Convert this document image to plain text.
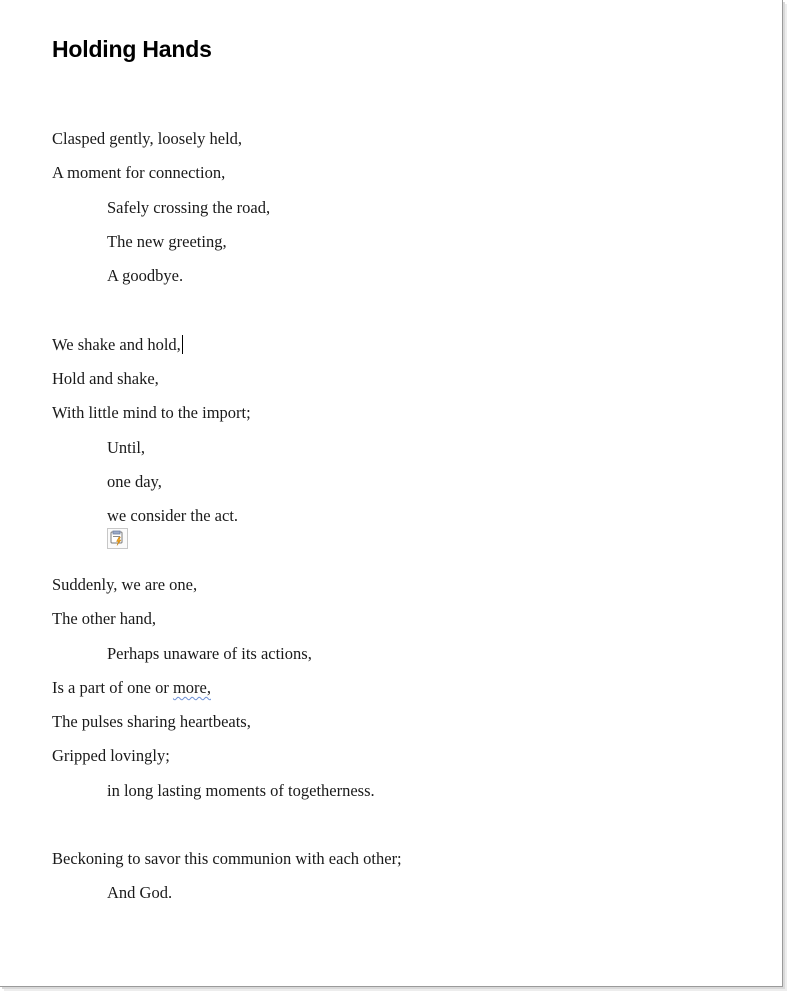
Holding Hands
Clasped gently, loosely held,
A moment for connection,
Safely crossing the road,
The new greeting,
A goodbye.
We shake and hold,
Hold and shake,
With little mind to the import;
Until,
one day,
we consider the act.
Suddenly, we are one,
The other hand,
Perhaps unaware of its actions,
Is a part of one or more,
The pulses sharing heartbeats,
Gripped lovingly;
in long lasting moments of togetherness.
Beckoning to savor this communion with each other;
And God.
